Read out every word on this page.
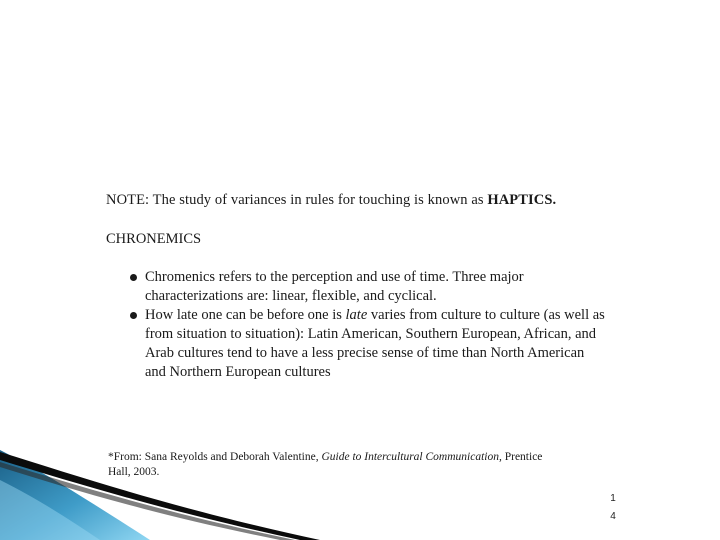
NOTE: The study of variances in rules for touching is known as HAPTICS.
CHRONEMICS
Chromenics refers to the perception and use of time. Three major characterizations are: linear, flexible, and cyclical.
How late one can be before one is late varies from culture to culture (as well as from situation to situation): Latin American, Southern European, African, and Arab cultures tend to have a less precise sense of time than North American and Northern European cultures
*From: Sana Reyolds and Deborah Valentine, Guide to Intercultural Communication, Prentice Hall, 2003.
1
4
